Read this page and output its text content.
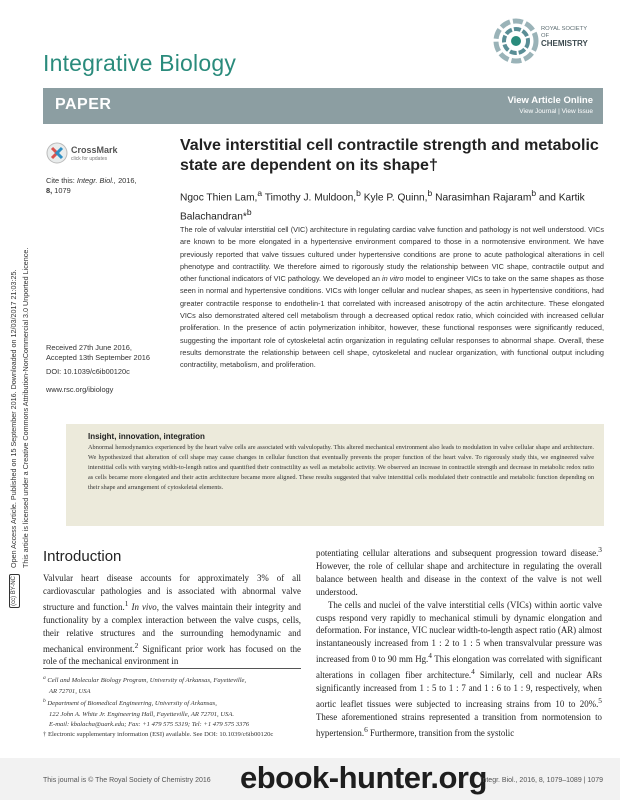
(cc) BY-NCOpen Access Article. Published on 15 September 2016. Downloaded on 12/03/2017 21:03:25. This article is licensed under a Creative Commons Attribution-NonCommercial 3.0 Unported Licence.
Integrative Biology
ROYAL SOCIETY
OF
CHEMISTRY
PAPER	View Article Online
View Journal | View Issue
CrossMark
click for updates
Cite this: Integr. Biol., 2016,
8, 1079
Received 27th June 2016,
Accepted 13th September 2016
DOI: 10.1039/c6ib00120c
www.rsc.org/ibiology
Valve interstitial cell contractile strength and metabolic state are dependent on its shape†
Ngoc Thien Lam,$^a$ Timothy J. Muldoon,$^b$ Kyle P. Quinn,$^b$ Narasimhan Rajaram$^b$ and Kartik Balachandran*$^b$
The role of valvular interstitial cell (VIC) architecture in regulating cardiac valve function and pathology is not well understood. VICs are known to be more elongated in a hypertensive environment compared to those in a normotensive environment. We have previously reported that valve tissues cultured under hypertensive conditions are prone to acute pathological alterations in cell phenotype and contractility. We therefore aimed to rigorously study the relationship between VIC shape, contractile output and other functional indicators of VIC pathology. We developed an in vitro model to engineer VICs to take on the same shapes as those seen in normal and hypertensive conditions. VICs with longer cellular and nuclear shapes, as seen in hypertensive conditions, had greater contractile response to endothelin-1 that correlated with increased anisotropy of the actin architecture. These elongated VICs also demonstrated altered cell metabolism through a decreased optical redox ratio, which coincided with increased cellular proliferation. In the presence of actin polymerization inhibitor, however, these functional responses were significantly reduced, suggesting the important role of cytoskeletal actin organization in regulating cellular responses to abnormal shape. Overall, these results demonstrate the relationship between cell shape, cytoskeletal and nuclear organization, with functional output including contractility, metabolism, and proliferation.
Insight, innovation, integration
Abnormal hemodynamics experienced by the heart valve cells are associated with valvulopathy. This altered mechanical environment also leads to modulation in valve cellular shape and architecture. We hypothesized that alteration of cell shape may cause changes in cellular function that eventually prevents the proper function of the heart valve. To rigorously study this, we engineered valve interstitial cells with varying width-to-length ratios and quantified their contractility as well as metabolic activity. We observed an increase in contractile strength and decrease in metabolic redox ratio as cells became more elongated and their actin architecture became more aligned. These results suggested that valve interstitial cells modulated their contractile and metabolic function depending on their shape and arrangement of cytoskeletal elements.
Introduction
Valvular heart disease accounts for approximately 3% of all cardiovascular pathologies and is associated with abnormal valve structure and function.$^1$ In vivo, the valves maintain their integrity and functionality by a complex interaction between the valve cusps, cells, their relative structures and the surrounding hemodynamic and mechanical environment.$^2$ Significant prior work has focused on the role of the mechanical environment in
potentiating cellular alterations and subsequent progression toward disease.$^3$ However, the role of cellular shape and architecture in regulating the overall balance between health and disease in the context of the valve is not well understood.
The cells and nuclei of the valve interstitial cells (VICs) within aortic valve cusps respond very rapidly to mechanical stimuli by dynamic elongation and deformation. For instance, VIC nuclear width-to-length aspect ratio (AR) almost instantaneously increased from 1 : 2 to 1 : 5 when transvalvular pressure was increased from 0 to 90 mm Hg.$^4$ This elongation was correlated with significant alterations in collagen fiber architecture.$^4$ Similarly, cell and nuclear ARs significantly increased from 1 : 5 to 1 : 7 and 1 : 6 to 1 : 9, respectively, when aortic leaflet tissues were subjected to increasing strains from 10 to 20%.$^5$ These aforementioned strains represented a transition from normotension to hypertension.$^6$ Furthermore, transition from the systolic

$^a$ Cell and Molecular Biology Program, University of Arkansas, Fayetteville,

AR 72701, USA

$^b$ Department of Biomedical Engineering, University of Arkansas,

122 John A. White Jr. Engineering Hall, Fayetteville, AR 72701, USA.

E-mail: kbalacha@uark.edu; Fax: +1 479 575 5319; Tel: +1 479 575 3376

† Electronic supplementary information (ESI) available. See DOI: 10.1039/c6ib00120c

ebook-hunter.org
This journal is © The Royal Society of Chemistry 2016	Integr. Biol., 2016, 8, 1079–1089 | 1079
